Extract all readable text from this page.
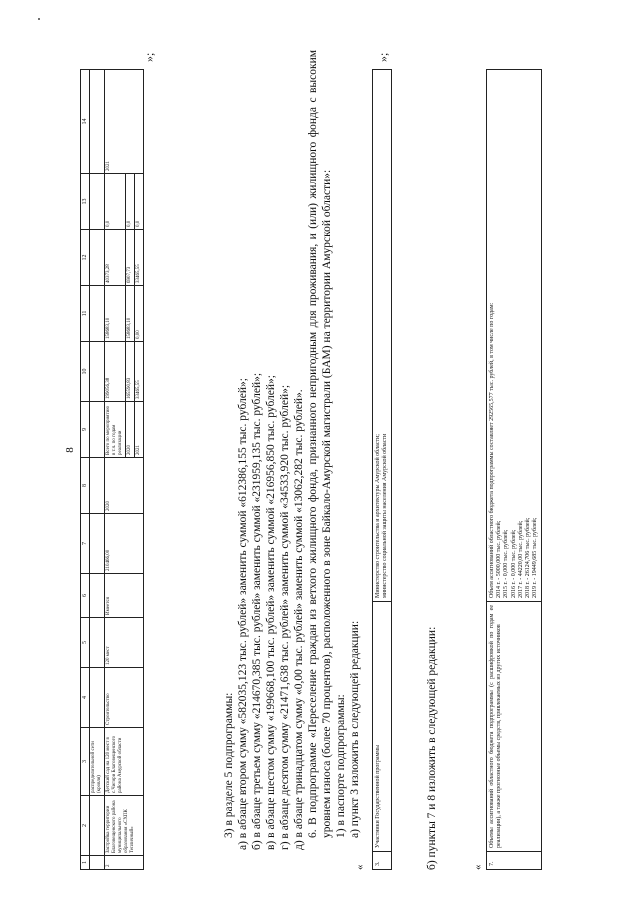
8
1	2	3	4	5	6	7	8	9	10	11	12	13	14
		распределительной сети (кровля)											
2	Застройка территории Благовещенского района муниципального образования «СХПК Тепличный»	Детский сад на 120 мест в с.Чигири Благовещенского района Амурской области	Строительство	120 мест	Имеется	210466,00	2020	Всего по мероприятию в т.ч. по годам реализации	199056,38	158683,10	40373,28	0,0	2021
								2020	165590,83	158683,10	6907,73	0,0	
								2021	33465,55	0,00	33465,55	0,0	
»;
3) в разделе 5 подпрограммы: а) в абзаце втором сумму «582035,123 тыс. рублей» заменить суммой «612386,155 тыс. рублей»; б) в абзаце третьем сумму «214670,385 тыс. рублей» заменить суммой «231959,135 тыс. рублей»; в) в абзаце шестом сумму «199668,100 тыс. рублей» заменить суммой «216956,850 тыс. рублей»; г) в абзаце десятом сумму «21471,638 тыс. рублей» заменить суммой «34533,920 тыс. рублей»; д) в абзаце тринадцатом сумму «0,00 тыс. рублей» заменить суммой «13062,282 тыс. рублей». 6. В подпрограмме «Переселение граждан из ветхого жилищного фонда, признанного непригодным для проживания, и (или) жилищного фонда с высоким уровнем износа (более 70 процентов), расположенного в зоне Байкало-Амурской магистрали (БАМ) на территории Амурской области»: 1) в паспорте подпрограммы: а) пункт 3 изложить в следующей редакции:
«
3.	Участники Государственной программы	
Министерство строительства и архитектуры Амурской области; министерство социальной защиты населения Амурской области
»;
б) пункты 7 и 8 изложить в следующей редакции:	«
7.	Объемы ассигнований областного бюджета подпрограммы (с расшифровкой по годам ее реализации), а также прогнозные объемы средств, привлекаемых из других источников	
Объем ассигнований областного бюджета подпрограммы составляет 292565,577 тыс. рублей, в том числе по годам: 2014 г. - 5000,000 тыс. рублей; 2015 г. - 0,000 тыс. рублей; 2016 г. - 0,000 тыс. рублей; 2017 г. - 44220,00 тыс. рублей; 2018 г. - 26124,706 тыс. рублей; 2019 г. - 19449,685 тыс. рублей;
